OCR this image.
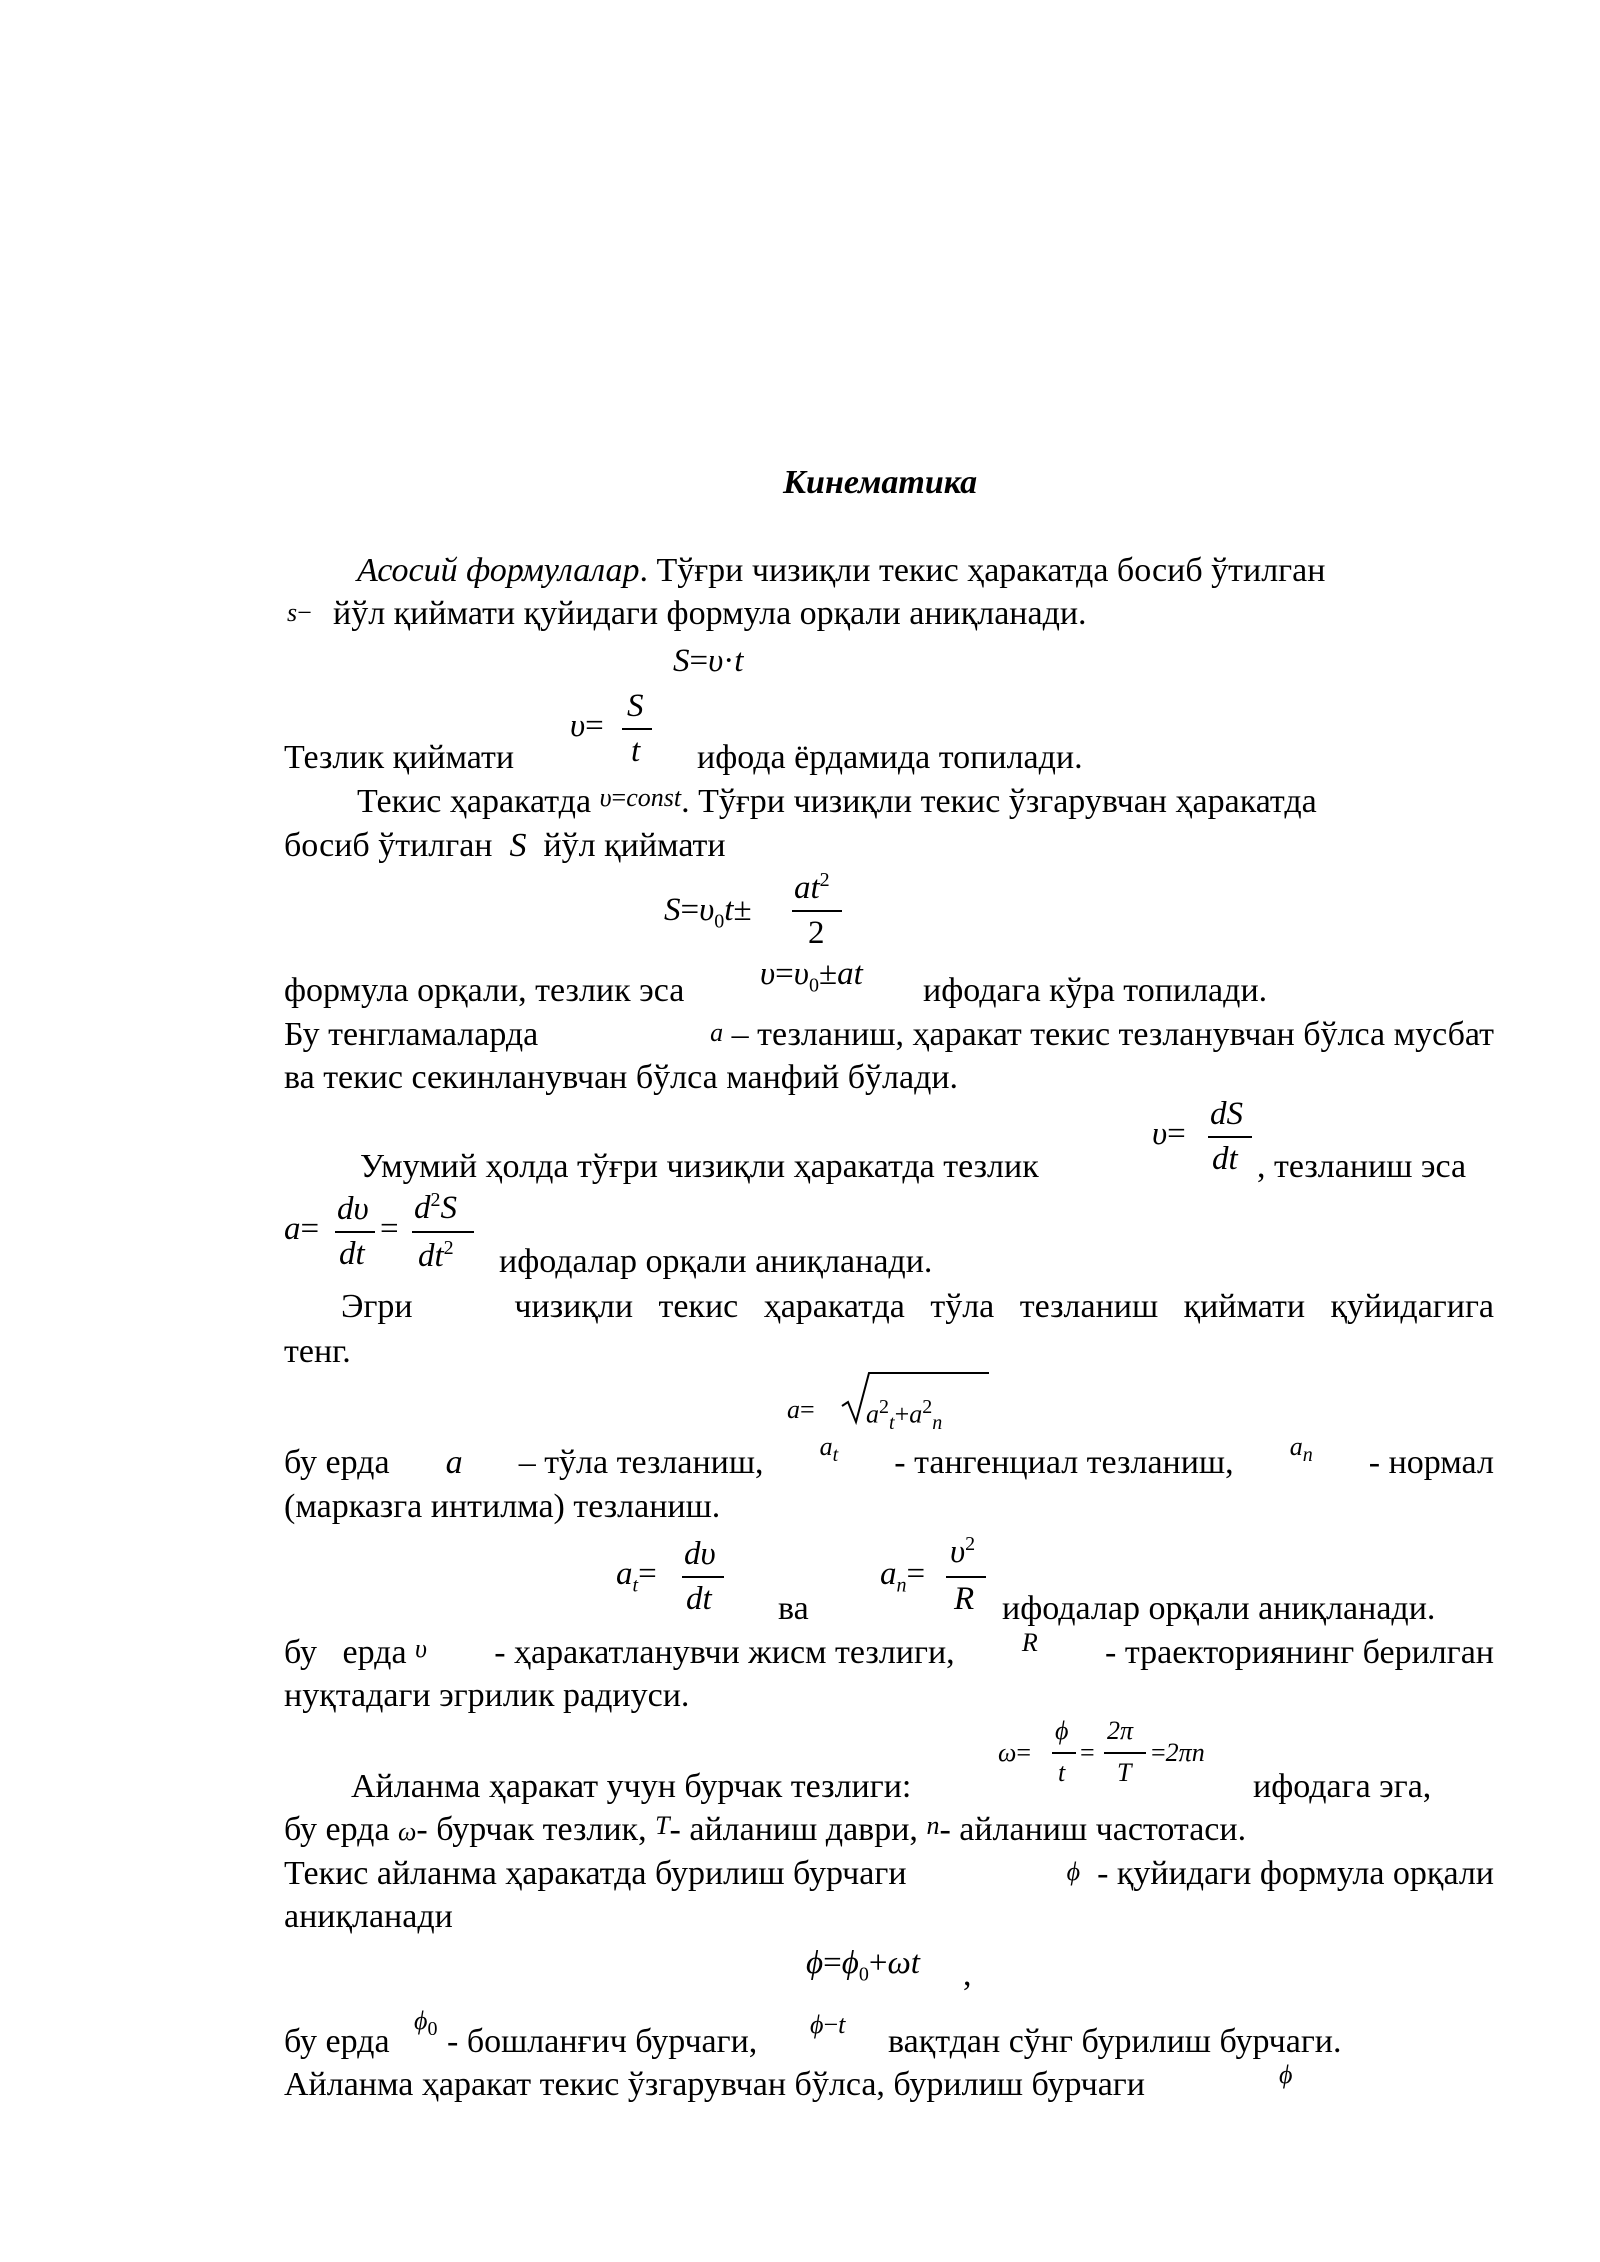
Кинематика
Асосий формулалар. Тўғри чизиқли текис ҳаракатда босиб ўтилган
s− йўл қиймати қуйидаги формула орқали аниқланади.
S=υ·t
υ=
S
t
Тезлик қиймати	ифода ёрдамида топилади.
Текис ҳаракатда υ=const. Тўғри чизиқли текис ўзгарувчан ҳаракатда
босиб ўтилган S йўл қиймати
$S=\upsilon_0t\pm$
$at^2$
2
формула орқали, тезлик эса $\upsilon=\upsilon_0\pm at$ ифодага кўра топилади.
Бу тенгламаларда	a – тезланиш, ҳаракат текис тезланувчан бўлса мусбат
ва текис секинланувчан бўлса манфий бўлади.
Умумий ҳолда тўғри чизиқли ҳаракатда тезлик
υ=
dS
dt , тезланиш эса
a=
dυ
dt
=
$d^2S$
$dt^2$ ифодалар орқали аниқланади.
Эгри    чизиқли текис ҳаракатда тўла тезланиш қиймати қуйидагига
тенг.
$a= a^2_t+a^2_n$
бу ерда а – тўла тезланиш, $a_t$ - тангенциал тезланиш, $a_n$ - нормал
(марказга интилма) тезланиш.
$a_t=$
dυ
dt ва
$a_n=$
$\upsilon^2$
R ифодалар орқали аниқланади.
бу   ерда υ - ҳаракатланувчи жисм тезлиги,	R - траекториянинг берилган
нуқтадаги эгрилик радиуси.
Айланма ҳаракат учун бурчак тезлиги:
ω=
ϕ
t
=
2π
T
=2πn
ифодага эга,
бу ерда ω- бурчак тезлик, T- айланиш даври, n- айланиш частотаси.
Текис айланма ҳаракатда бурилиш бурчаги	ϕ - қуйидаги формула орқали
аниқланади
$\phi=\phi_0+\omega t$ ,
бу ерда
$\phi_0$ - бошланғич бурчаги, ϕ−t вақтдан сўнг бурилиш бурчаги.
Айланма ҳаракат текис ўзгарувчан бўлса, бурилиш бурчаги	ϕ
